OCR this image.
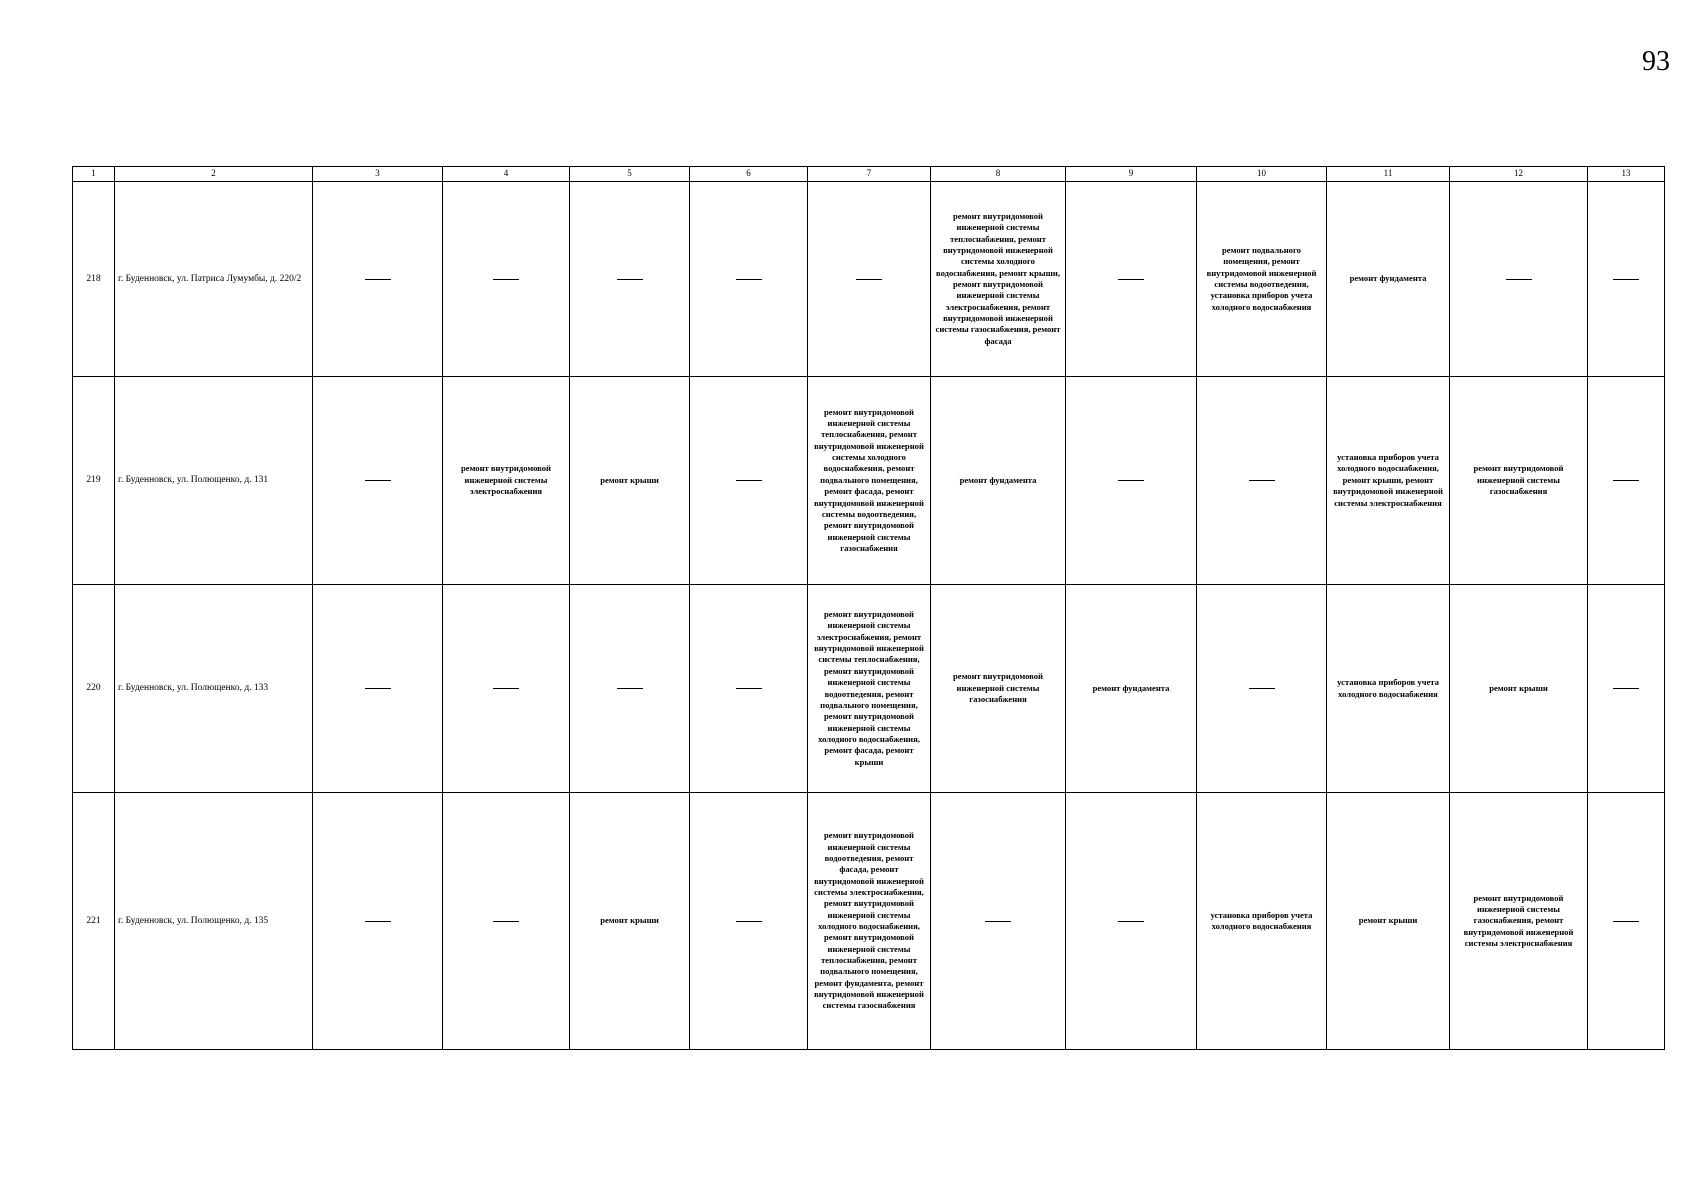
93
1	2	3	4	5	6	7	8	9	10	11	12	13
218	г. Буденновск, ул. Патриса Лумумбы, д. 220/2						ремонт внутридомовой инженерной системы теплоснабжения, ремонт внутридомовой инженерной системы холодного водоснабжения, ремонт крыши, ремонт внутридомовой инженерной системы электроснабжения, ремонт внутридомовой инженерной системы газоснабжения, ремонт фасада		ремонт подвального помещения, ремонт внутридомовой инженерной системы водоотведения, установка приборов учета холодного водоснабжения	ремонт фундамента		
219	г. Буденновск, ул. Полющенко, д. 131		ремонт внутридомовой инженерной системы электроснабжения	ремонт крыши		ремонт внутридомовой инженерной системы теплоснабжения, ремонт внутридомовой инженерной системы холодного водоснабжения, ремонт подвального помещения, ремонт фасада, ремонт внутридомовой инженерной системы водоотведения, ремонт внутридомовой инженерной системы газоснабжения	ремонт фундамента			установка приборов учета холодного водоснабжения, ремонт крыши, ремонт внутридомовой инженерной системы электроснабжения	ремонт внутридомовой инженерной системы газоснабжения	
220	г. Буденновск, ул. Полющенко, д. 133					ремонт внутридомовой инженерной системы электроснабжения, ремонт внутридомовой инженерной системы теплоснабжения, ремонт внутридомовой инженерной системы водоотведения, ремонт подвального помещения, ремонт внутридомовой инженерной системы холодного водоснабжения, ремонт фасада, ремонт крыши	ремонт внутридомовой инженерной системы газоснабжения	ремонт фундамента		установка приборов учета холодного водоснабжения	ремонт крыши	
221	г. Буденновск, ул. Полющенко, д. 135			ремонт крыши		ремонт внутридомовой инженерной системы водоотведения, ремонт фасада, ремонт внутридомовой инженерной системы электроснабжения, ремонт внутридомовой инженерной системы холодного водоснабжения, ремонт внутридомовой инженерной системы теплоснабжения, ремонт подвального помещения, ремонт фундамента, ремонт внутридомовой инженерной системы газоснабжения			установка приборов учета холодного водоснабжения	ремонт крыши	ремонт внутридомовой инженерной системы газоснабжения, ремонт внутридомовой инженерной системы электроснабжения	
